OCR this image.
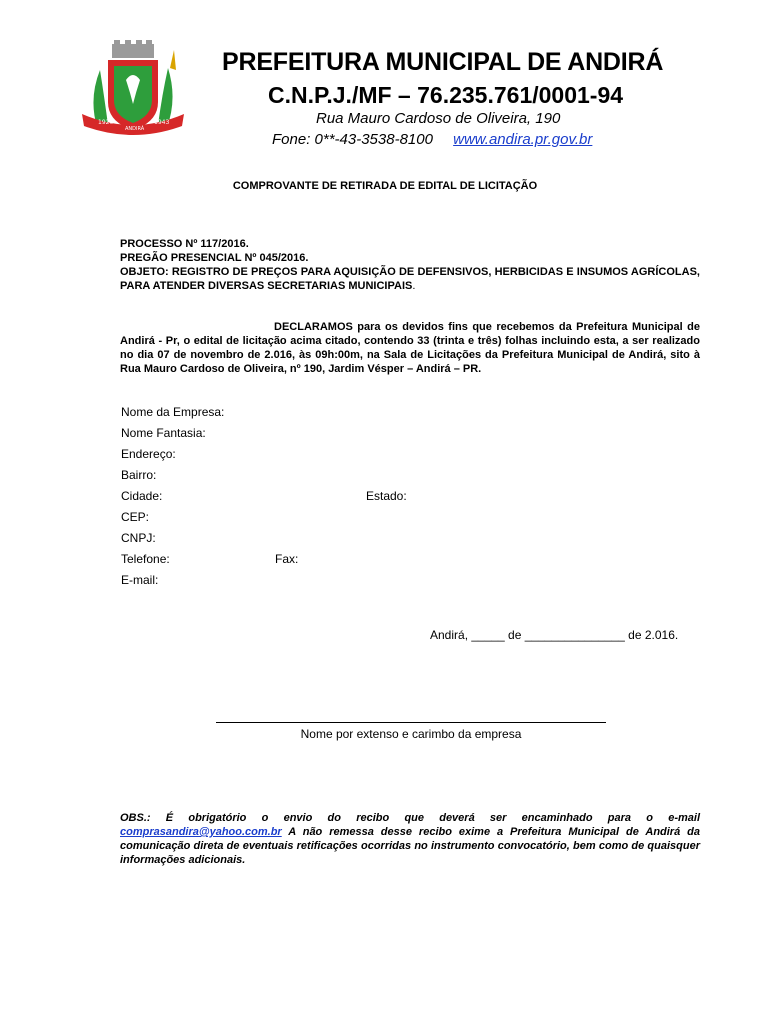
1920
ANDIRÁ
1943
PREFEITURA MUNICIPAL DE ANDIRÁ
C.N.P.J./MF – 76.235.761/0001-94
Rua Mauro Cardoso de Oliveira, 190
Fone: 0**-43-3538-8100 www.andira.pr.gov.br
COMPROVANTE DE RETIRADA DE EDITAL DE LICITAÇÃO
PROCESSO Nº 117/2016.
PREGÃO PRESENCIAL Nº 045/2016.
OBJETO: REGISTRO DE PREÇOS PARA AQUISIÇÃO DE DEFENSIVOS, HERBICIDAS E INSUMOS AGRÍCOLAS, PARA ATENDER DIVERSAS SECRETARIAS MUNICIPAIS.
DECLARAMOS para os devidos fins que recebemos da Prefeitura Municipal de Andirá - Pr, o edital de licitação acima citado, contendo 33 (trinta e três) folhas incluindo esta, a ser realizado no dia 07 de novembro de 2.016, às 09h:00m, na Sala de Licitações da Prefeitura Municipal de Andirá, sito à Rua Mauro Cardoso de Oliveira, nº 190, Jardim Vésper – Andirá – PR.
Nome da Empresa:
Nome Fantasia:
Endereço:
Bairro:
Cidade:	Estado:
CEP:
CNPJ:
Telefone:	Fax:
E-mail:
Andirá, _____ de _______________ de 2.016.
Nome por extenso e carimbo da empresa
OBS.: É obrigatório o envio do recibo que deverá ser encaminhado para o e-mail comprasandira@yahoo.com.br A não remessa desse recibo exime a Prefeitura Municipal de Andirá da comunicação direta de eventuais retificações ocorridas no instrumento convocatório, bem como de quaisquer informações adicionais.
